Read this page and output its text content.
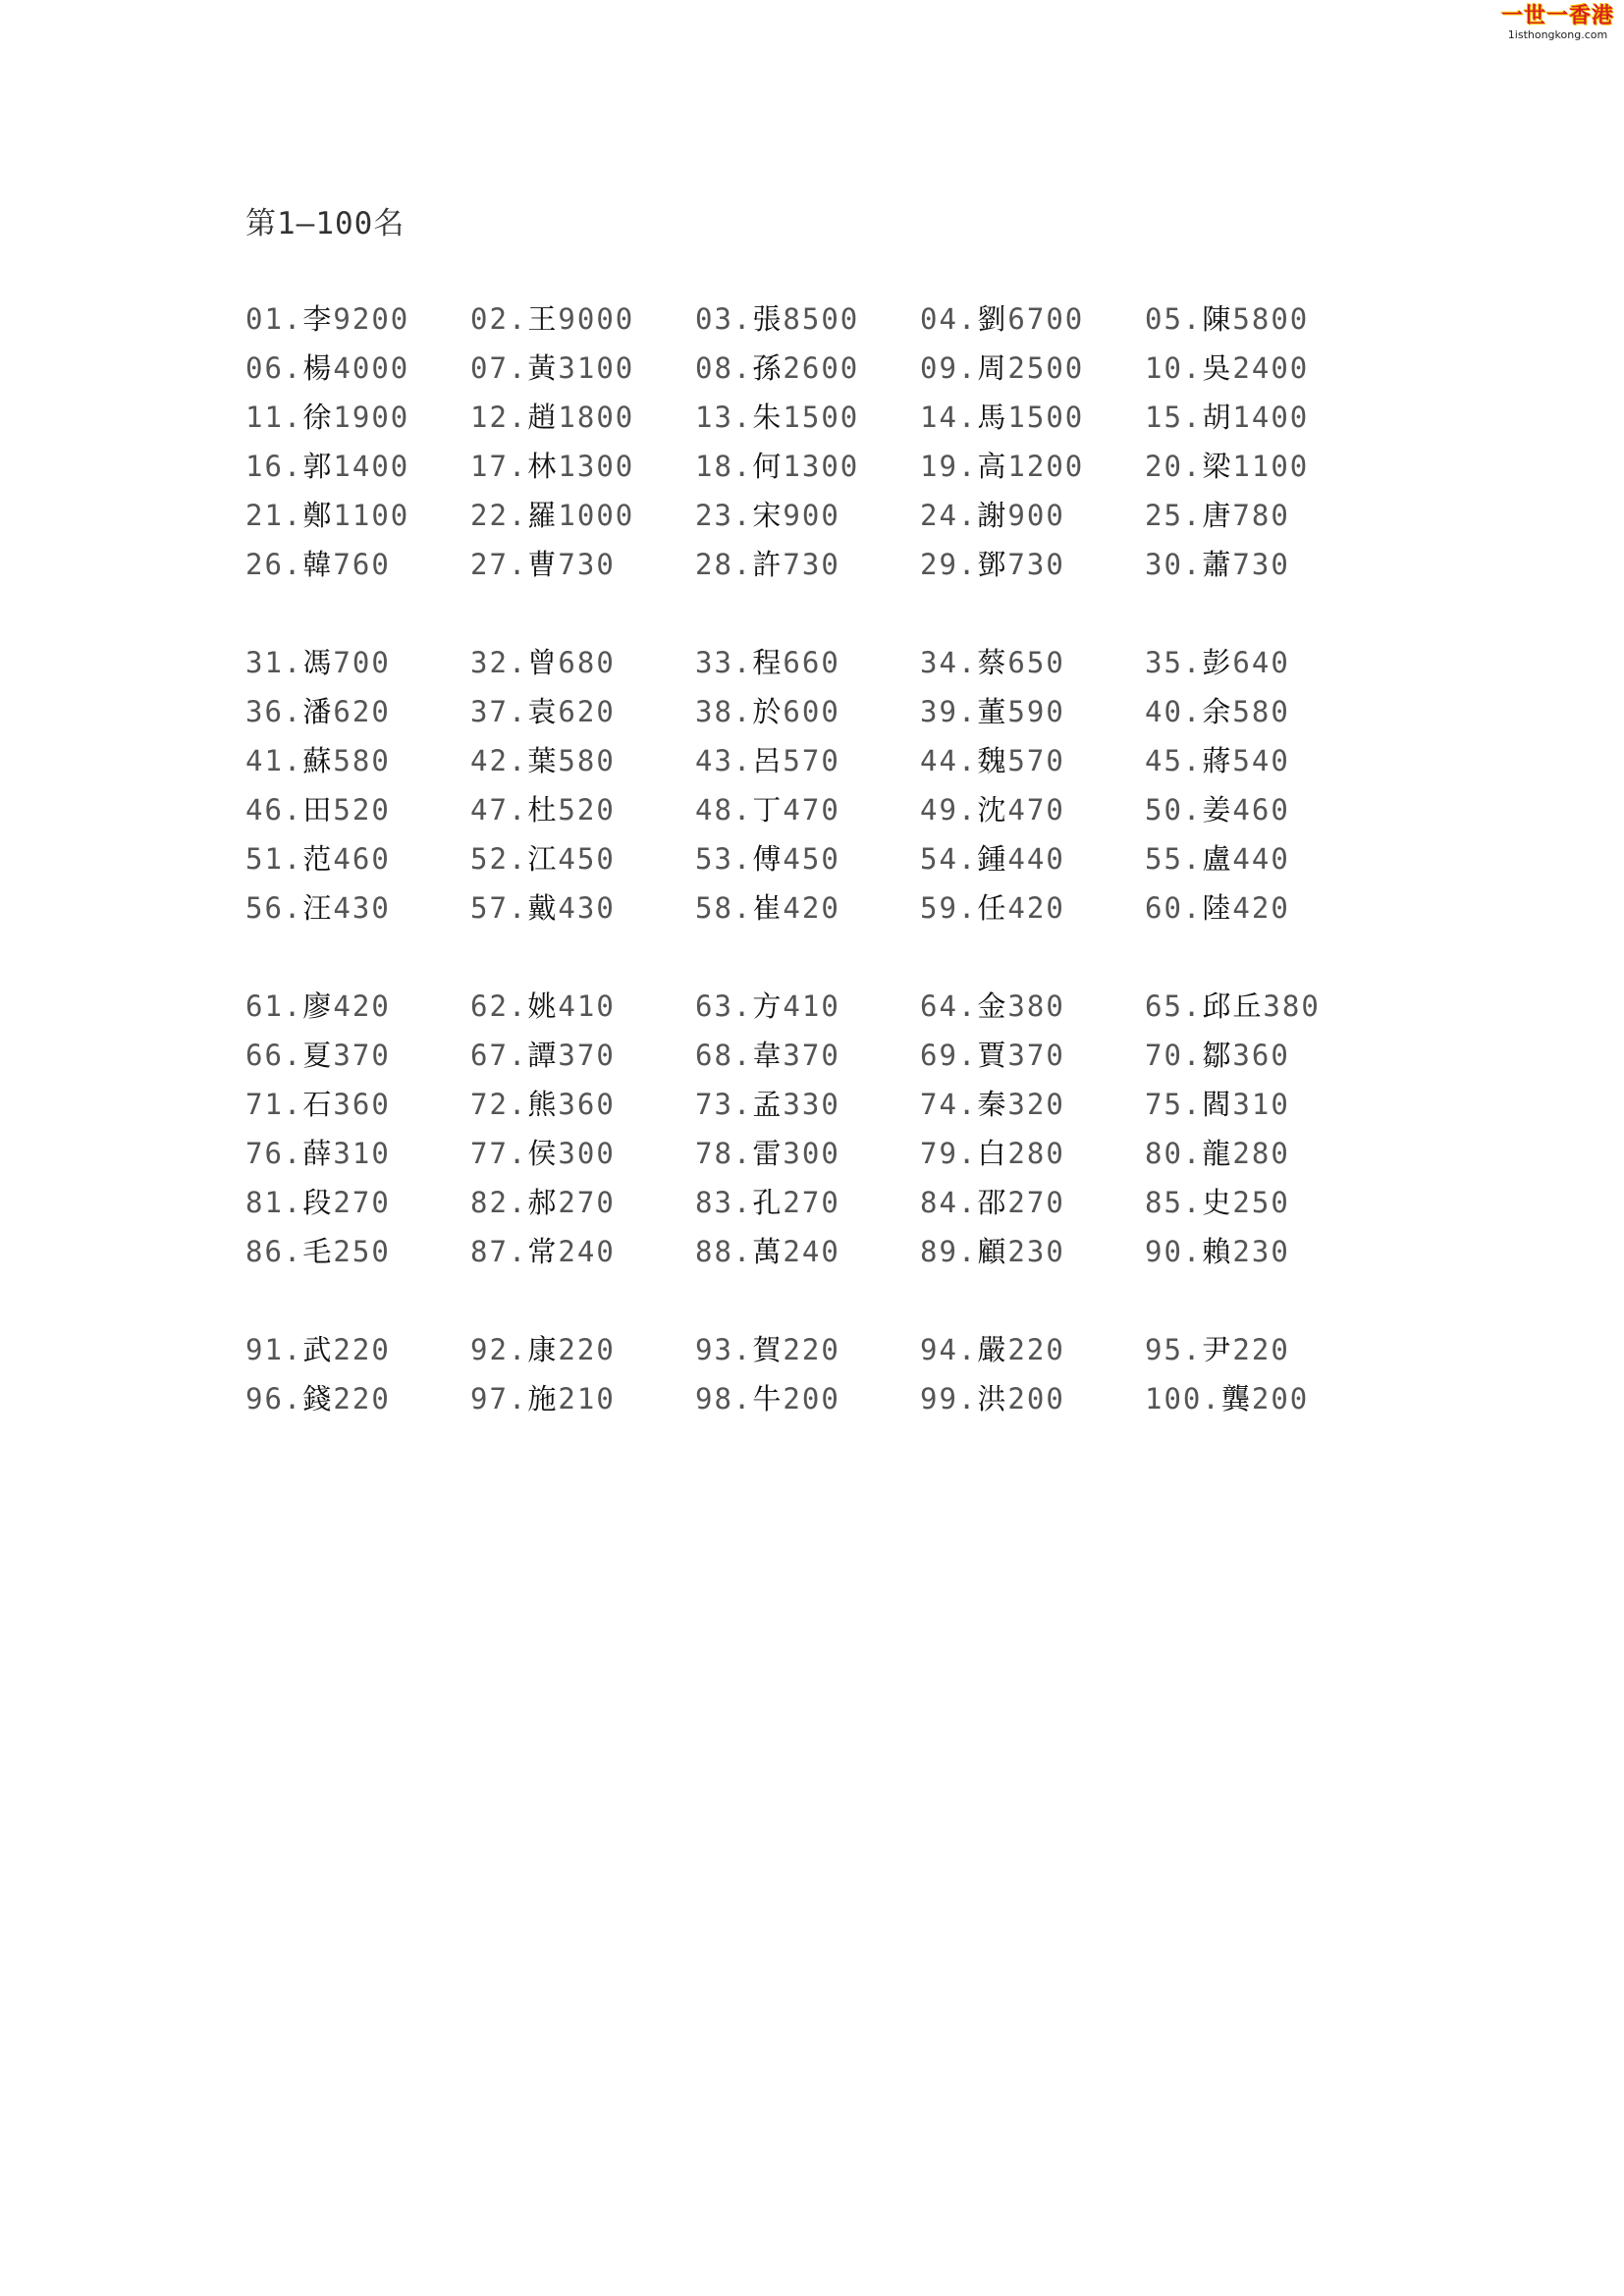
一世一香港
1isthongkong.com
第1—100名
01.李9200 02.王9000 03.張8500 04.劉6700 05.陳5800
06.楊4000 07.黃3100 08.孫2600 09.周2500 10.吳2400
11.徐1900 12.趙1800 13.朱1500 14.馬1500 15.胡1400
16.郭1400 17.林1300 18.何1300 19.高1200 20.梁1100
21.鄭1100 22.羅1000 23.宋900	24.謝900	25.唐780
26.韓760	27.曹730	28.許730	29.鄧730	30.蕭730
31.馮700	32.曾680	33.程660	34.蔡650	35.彭640
36.潘620	37.袁620	38.於600	39.董590	40.余580
41.蘇580	42.葉580	43.呂570	44.魏570	45.蔣540
46.田520	47.杜520	48.丁470	49.沈470	50.姜460
51.范460	52.江450	53.傅450	54.鍾440	55.盧440
56.汪430	57.戴430	58.崔420	59.任420	60.陸420
61.廖420	62.姚410	63.方410	64.金380	65.邱丘380
66.夏370	67.譚370	68.韋370	69.賈370	70.鄒360
71.石360	72.熊360	73.孟330	74.秦320	75.閻310
76.薛310	77.侯300	78.雷300	79.白280	80.龍280
81.段270	82.郝270	83.孔270	84.邵270	85.史250
86.毛250	87.常240	88.萬240	89.顧230	90.賴230
91.武220	92.康220	93.賀220	94.嚴220	95.尹220
96.錢220	97.施210	98.牛200	99.洪200	100.龔200
